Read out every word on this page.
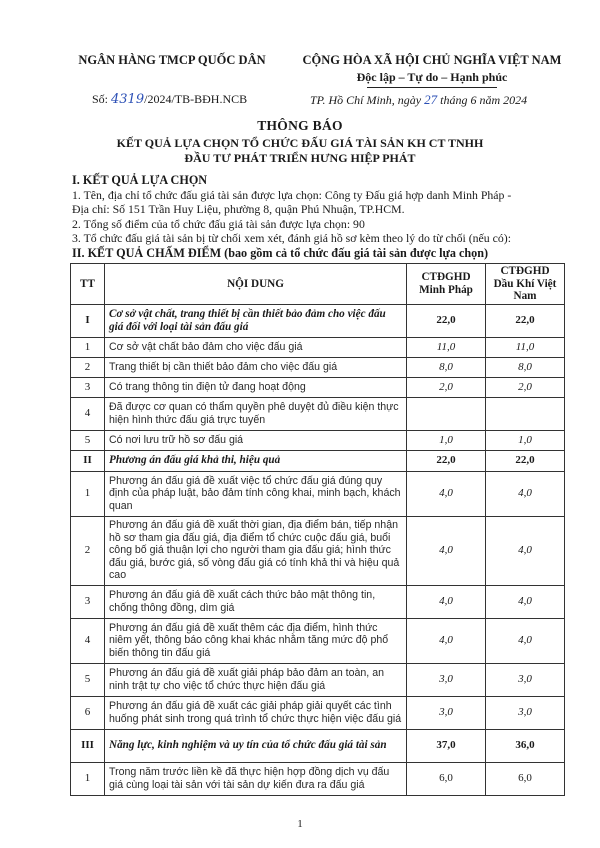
NGÂN HÀNG TMCP QUỐC DÂN	CỘNG HÒA XÃ HỘI CHỦ NGHĨA VIỆT NAM
Độc lập – Tự do – Hạnh phúc
Số: 4319/2024/TB-BĐH.NCB	TP. Hồ Chí Minh, ngày 27 tháng 6 năm 2024
THÔNG BÁO
KẾT QUẢ LỰA CHỌN TỔ CHỨC ĐẤU GIÁ TÀI SẢN KH CT TNHH ĐẦU TƯ PHÁT TRIỂN HƯNG HIỆP PHÁT

I. KẾT QUẢ LỰA CHỌN

1. Tên, địa chỉ tổ chức đấu giá tài sản được lựa chọn: Công ty Đấu giá hợp danh Minh Pháp -

Địa chỉ: Số 151 Trần Huy Liệu, phường 8, quận Phú Nhuận, TP.HCM.

2. Tổng số điểm của tổ chức đấu giá tài sản được lựa chọn: 90

3. Tổ chức đấu giá tài sản bị từ chối xem xét, đánh giá hồ sơ kèm theo lý do từ chối (nếu có):

II. KẾT QUẢ CHẤM ĐIỂM (bao gồm cả tổ chức đấu giá tài sản được lựa chọn)

TT	NỘI DUNG	CTĐGHD Minh Pháp	CTĐGHD Dầu Khí Việt Nam
I	Cơ sở vật chất, trang thiết bị cần thiết bảo đảm cho việc đấu giá đối với loại tài sản đấu giá	22,0	22,0
1	Cơ sở vật chất bảo đảm cho việc đấu giá	11,0	11,0
2	Trang thiết bị cần thiết bảo đảm cho việc đấu giá	8,0	8,0
3	Có trang thông tin điện tử đang hoạt động	2,0	2,0
4	Đã được cơ quan có thẩm quyền phê duyệt đủ điều kiện thực hiện hình thức đấu giá trực tuyến		
5	Có nơi lưu trữ hồ sơ đấu giá	1,0	1,0
II	Phương án đấu giá khả thi, hiệu quả	22,0	22,0
1	Phương án đấu giá đề xuất việc tổ chức đấu giá đúng quy định của pháp luật, bảo đảm tính công khai, minh bạch, khách quan	4,0	4,0
2	Phương án đấu giá đề xuất thời gian, địa điểm bán, tiếp nhận hồ sơ tham gia đấu giá, địa điểm tổ chức cuộc đấu giá, buổi công bố giá thuận lợi cho người tham gia đấu giá; hình thức đấu giá, bước giá, số vòng đấu giá có tính khả thi và hiệu quả cao	4,0	4,0
3	Phương án đấu giá đề xuất cách thức bảo mật thông tin, chống thông đồng, dìm giá	4,0	4,0
4	Phương án đấu giá đề xuất thêm các địa điểm, hình thức niêm yết, thông báo công khai khác nhằm tăng mức độ phổ biến thông tin đấu giá	4,0	4,0
5	Phương án đấu giá đề xuất giải pháp bảo đảm an toàn, an ninh trật tự cho việc tổ chức thực hiện đấu giá	3,0	3,0
6	Phương án đấu giá đề xuất các giải pháp giải quyết các tình huống phát sinh trong quá trình tổ chức thực hiện việc đấu giá	3,0	3,0
III	Năng lực, kinh nghiệm và uy tín của tổ chức đấu giá tài sản	37,0	36,0
1	Trong năm trước liền kề đã thực hiện hợp đồng dịch vụ đấu giá cùng loại tài sản với tài sản dự kiến đưa ra đấu giá	6,0	6,0
1
